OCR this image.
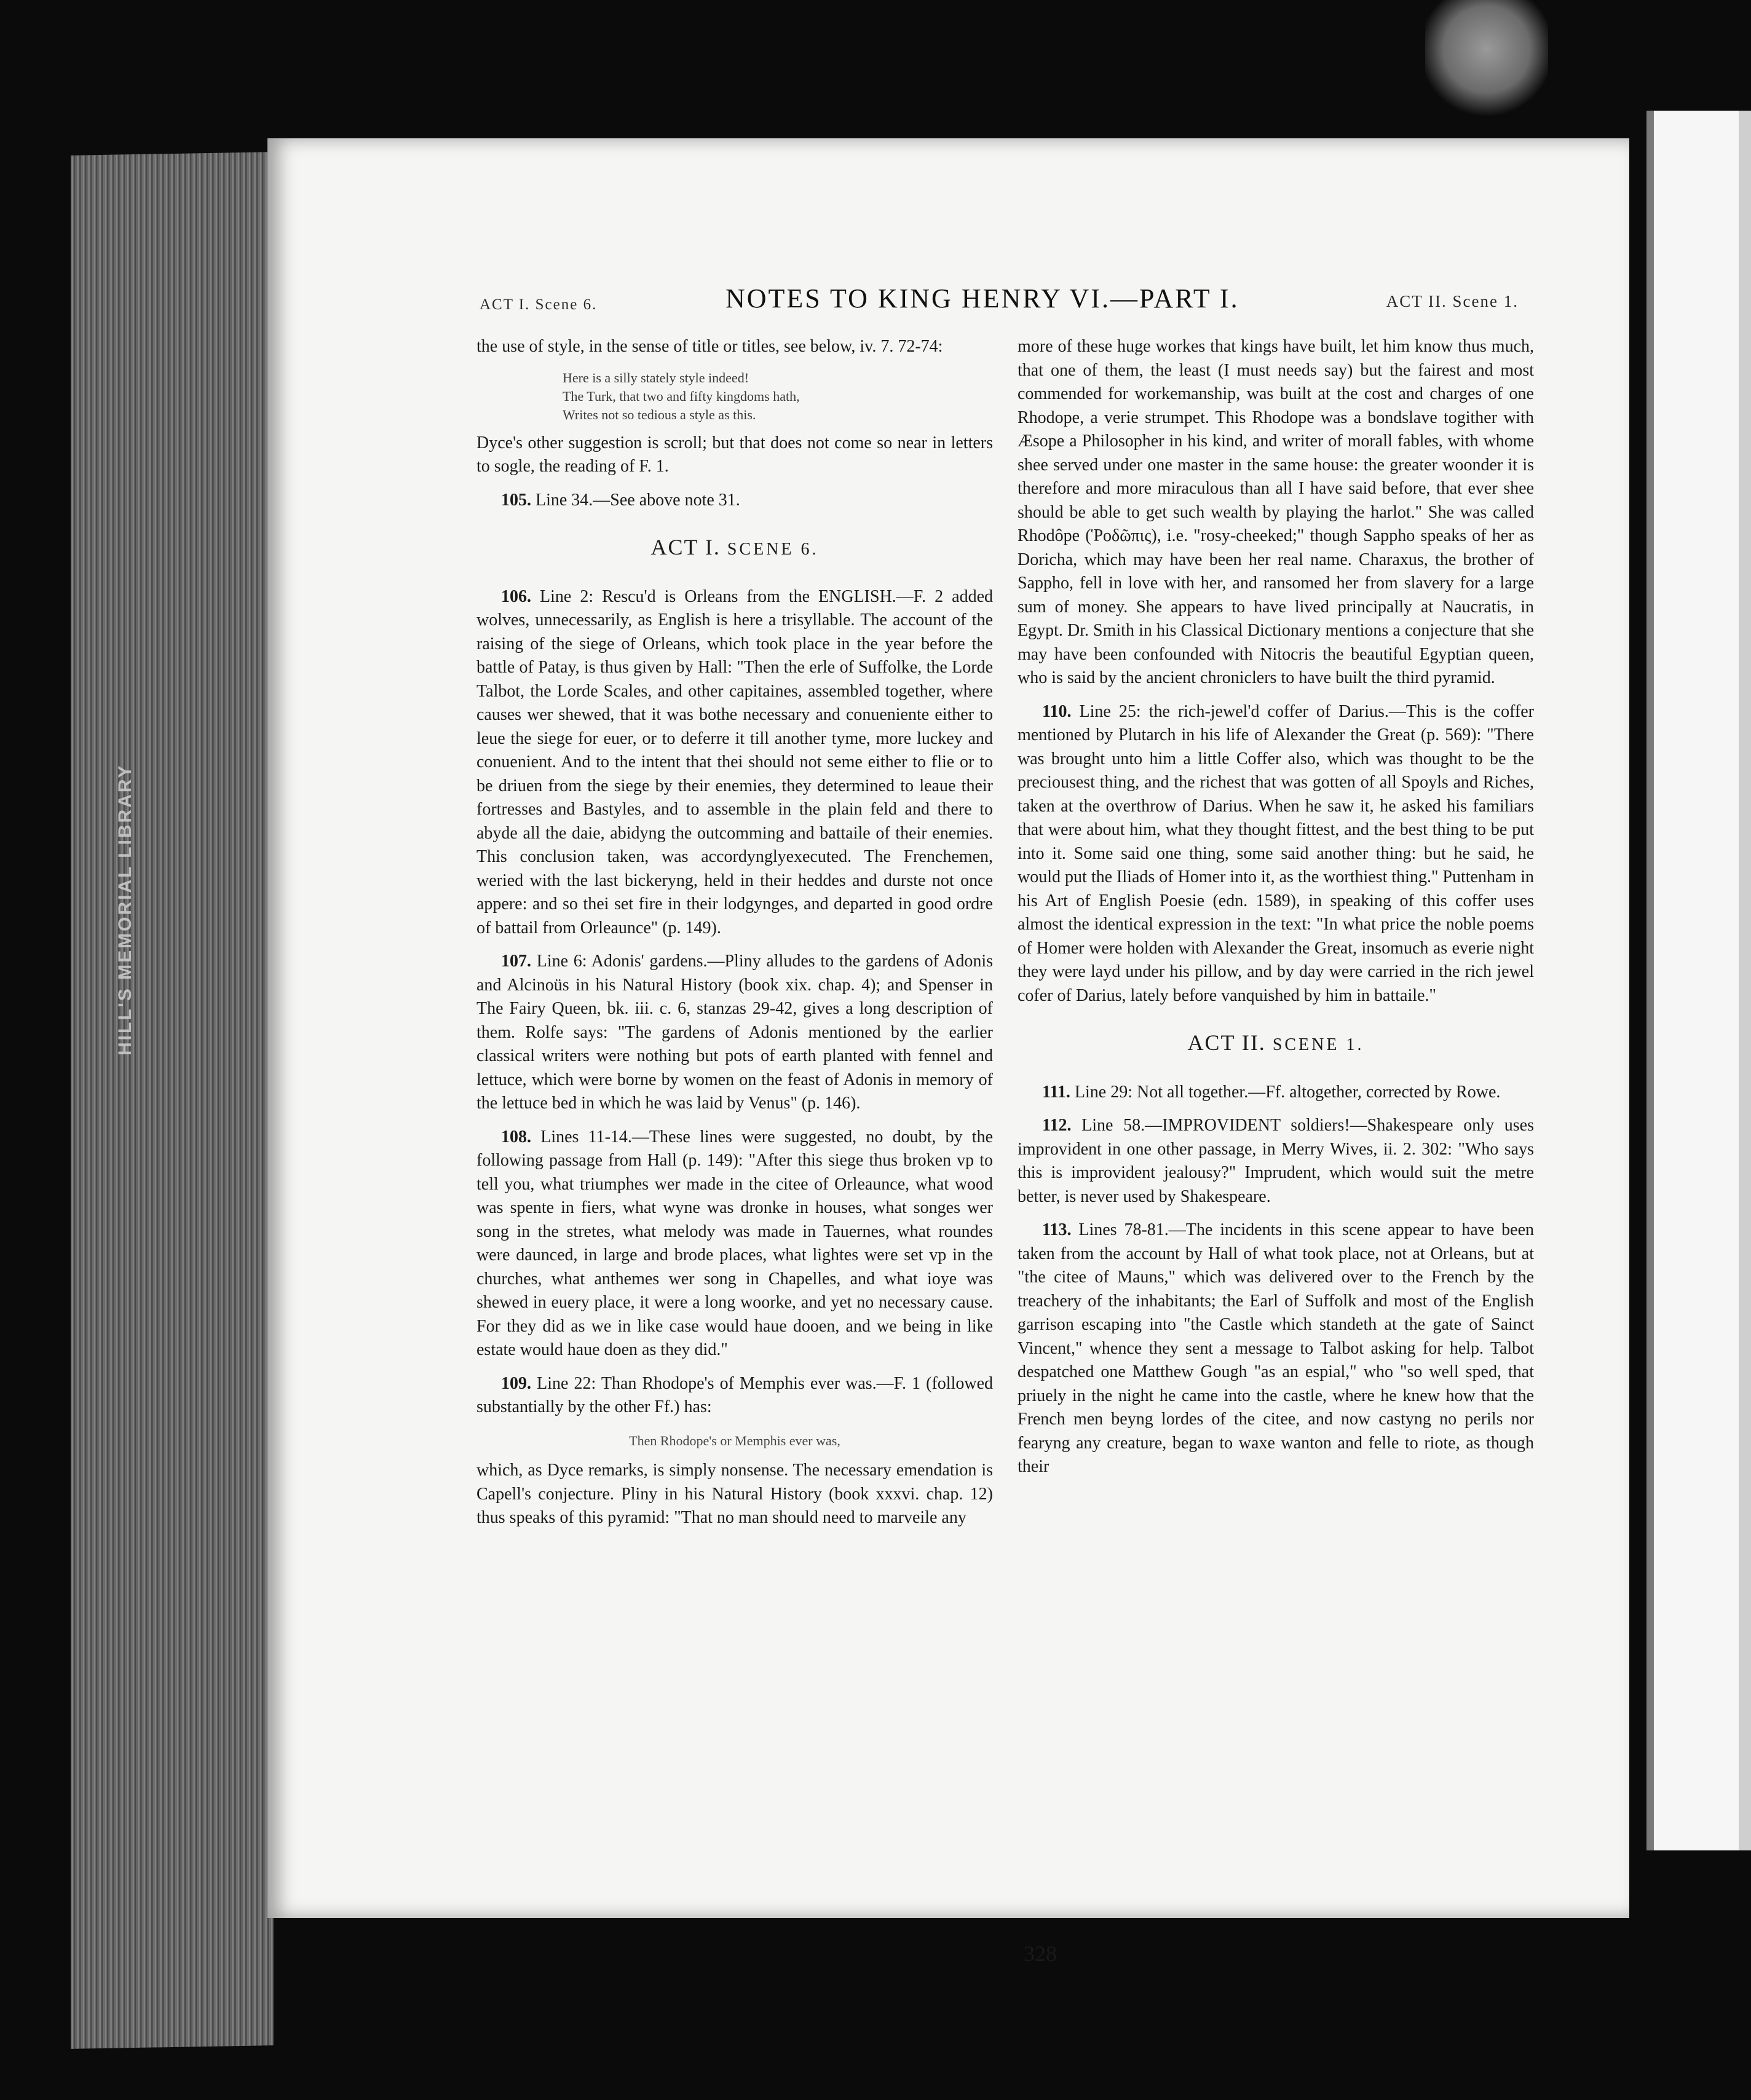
HILL'S MEMORIAL LIBRARY
ACT I. Scene 6.	NOTES TO KING HENRY VI.—PART I.	ACT II. Scene 1.

the use of style, in the sense of title or titles, see below, iv. 7. 72-74:

Here is a silly stately style indeed!
The Turk, that two and fifty kingdoms hath,
Writes not so tedious a style as this.

Dyce's other suggestion is scroll; but that does not come so near in letters to sogle, the reading of F. 1.

105. Line 34.—See above note 31.

ACT I. SCENE 6.

106. Line 2: Rescu'd is Orleans from the ENGLISH.—F. 2 added wolves, unnecessarily, as English is here a trisyllable. The account of the raising of the siege of Orleans, which took place in the year before the battle of Patay, is thus given by Hall: "Then the erle of Suffolke, the Lorde Talbot, the Lorde Scales, and other capitaines, assembled together, where causes wer shewed, that it was bothe necessary and conueniente either to leue the siege for euer, or to deferre it till another tyme, more luckey and conuenient. And to the intent that thei should not seme either to flie or to be driuen from the siege by their enemies, they determined to leaue their fortresses and Bastyles, and to assemble in the plain feld and there to abyde all the daie, abidyng the outcomming and battaile of their enemies. This conclusion taken, was accordynglyexecuted. The Frenchemen, weried with the last bickeryng, held in their heddes and durste not once appere: and so thei set fire in their lodgynges, and departed in good ordre of battail from Orleaunce" (p. 149).

107. Line 6: Adonis' gardens.—Pliny alludes to the gardens of Adonis and Alcinoüs in his Natural History (book xix. chap. 4); and Spenser in The Fairy Queen, bk. iii. c. 6, stanzas 29-42, gives a long description of them. Rolfe says: "The gardens of Adonis mentioned by the earlier classical writers were nothing but pots of earth planted with fennel and lettuce, which were borne by women on the feast of Adonis in memory of the lettuce bed in which he was laid by Venus" (p. 146).

108. Lines 11-14.—These lines were suggested, no doubt, by the following passage from Hall (p. 149): "After this siege thus broken vp to tell you, what triumphes wer made in the citee of Orleaunce, what wood was spente in fiers, what wyne was dronke in houses, what songes wer song in the stretes, what melody was made in Tauernes, what roundes were daunced, in large and brode places, what lightes were set vp in the churches, what anthemes wer song in Chapelles, and what ioye was shewed in euery place, it were a long woorke, and yet no necessary cause. For they did as we in like case would haue dooen, and we being in like estate would haue doen as they did."

109. Line 22: Than Rhodope's of Memphis ever was.—F. 1 (followed substantially by the other Ff.) has:

Then Rhodope's or Memphis ever was,

which, as Dyce remarks, is simply nonsense. The necessary emendation is Capell's conjecture. Pliny in his Natural History (book xxxvi. chap. 12) thus speaks of this pyramid: "That no man should need to marveile any

more of these huge workes that kings have built, let him know thus much, that one of them, the least (I must needs say) but the fairest and most commended for workemanship, was built at the cost and charges of one Rhodope, a verie strumpet. This Rhodope was a bondslave togither with Æsope a Philosopher in his kind, and writer of morall fables, with whome shee served under one master in the same house: the greater woonder it is therefore and more miraculous than all I have said before, that ever shee should be able to get such wealth by playing the harlot." She was called Rhodôpe (Ῥοδῶπις), i.e. "rosy-cheeked;" though Sappho speaks of her as Doricha, which may have been her real name. Charaxus, the brother of Sappho, fell in love with her, and ransomed her from slavery for a large sum of money. She appears to have lived principally at Naucratis, in Egypt. Dr. Smith in his Classical Dictionary mentions a conjecture that she may have been confounded with Nitocris the beautiful Egyptian queen, who is said by the ancient chroniclers to have built the third pyramid.

110. Line 25: the rich-jewel'd coffer of Darius.—This is the coffer mentioned by Plutarch in his life of Alexander the Great (p. 569): "There was brought unto him a little Coffer also, which was thought to be the preciousest thing, and the richest that was gotten of all Spoyls and Riches, taken at the overthrow of Darius. When he saw it, he asked his familiars that were about him, what they thought fittest, and the best thing to be put into it. Some said one thing, some said another thing: but he said, he would put the Iliads of Homer into it, as the worthiest thing." Puttenham in his Art of English Poesie (edn. 1589), in speaking of this coffer uses almost the identical expression in the text: "In what price the noble poems of Homer were holden with Alexander the Great, insomuch as everie night they were layd under his pillow, and by day were carried in the rich jewel cofer of Darius, lately before vanquished by him in battaile."

ACT II. SCENE 1.

111. Line 29: Not all together.—Ff. altogether, corrected by Rowe.

112. Line 58.—IMPROVIDENT soldiers!—Shakespeare only uses improvident in one other passage, in Merry Wives, ii. 2. 302: "Who says this is improvident jealousy?" Imprudent, which would suit the metre better, is never used by Shakespeare.

113. Lines 78-81.—The incidents in this scene appear to have been taken from the account by Hall of what took place, not at Orleans, but at "the citee of Mauns," which was delivered over to the French by the treachery of the inhabitants; the Earl of Suffolk and most of the English garrison escaping into "the Castle which standeth at the gate of Sainct Vincent," whence they sent a message to Talbot asking for help. Talbot despatched one Matthew Gough "as an espial," who "so well sped, that priuely in the night he came into the castle, where he knew how that the French men beyng lordes of the citee, and now castyng no perils nor fearyng any creature, began to waxe wanton and felle to riote, as though their

328
